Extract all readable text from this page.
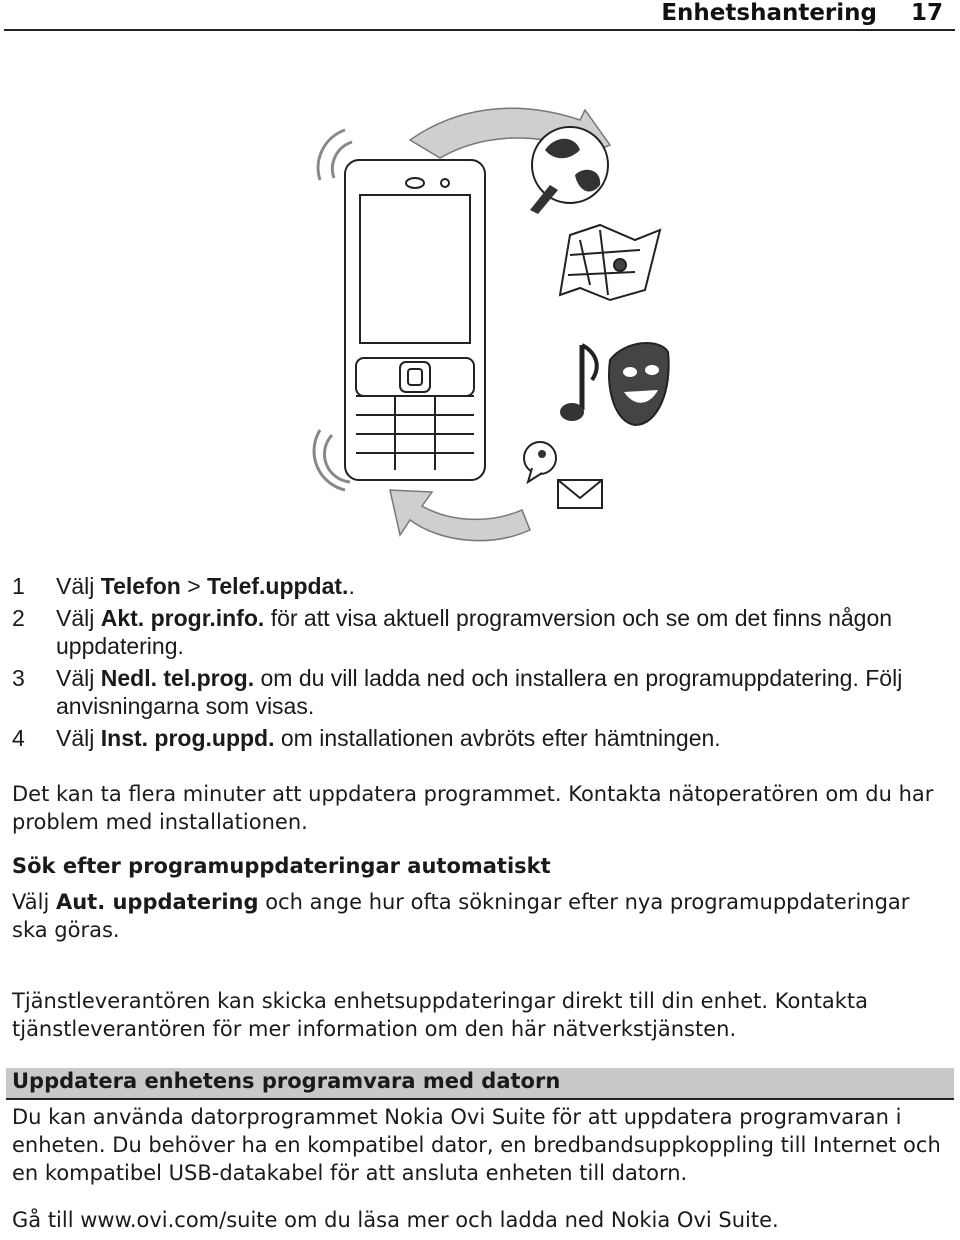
Enhetshantering 17
1 Välj Telefon > Telef.uppdat..
2 Välj Akt. progr.info. för att visa aktuell programversion och se om det finns någon uppdatering.
3 Välj Nedl. tel.prog. om du vill ladda ned och installera en programuppdatering. Följ anvisningarna som visas.
4 Välj Inst. prog.uppd. om installationen avbröts efter hämtningen.
Det kan ta flera minuter att uppdatera programmet. Kontakta nätoperatören om du har problem med installationen.
Sök efter programuppdateringar automatiskt
Välj Aut. uppdatering och ange hur ofta sökningar efter nya programuppdateringar ska göras.
Tjänstleverantören kan skicka enhetsuppdateringar direkt till din enhet. Kontakta tjänstleverantören för mer information om den här nätverkstjänsten.
Uppdatera enhetens programvara med datorn
Du kan använda datorprogrammet Nokia Ovi Suite för att uppdatera programvaran i enheten. Du behöver ha en kompatibel dator, en bredbandsuppkoppling till Internet och en kompatibel USB-datakabel för att ansluta enheten till datorn.
Gå till www.ovi.com/suite om du läsa mer och ladda ned Nokia Ovi Suite.
